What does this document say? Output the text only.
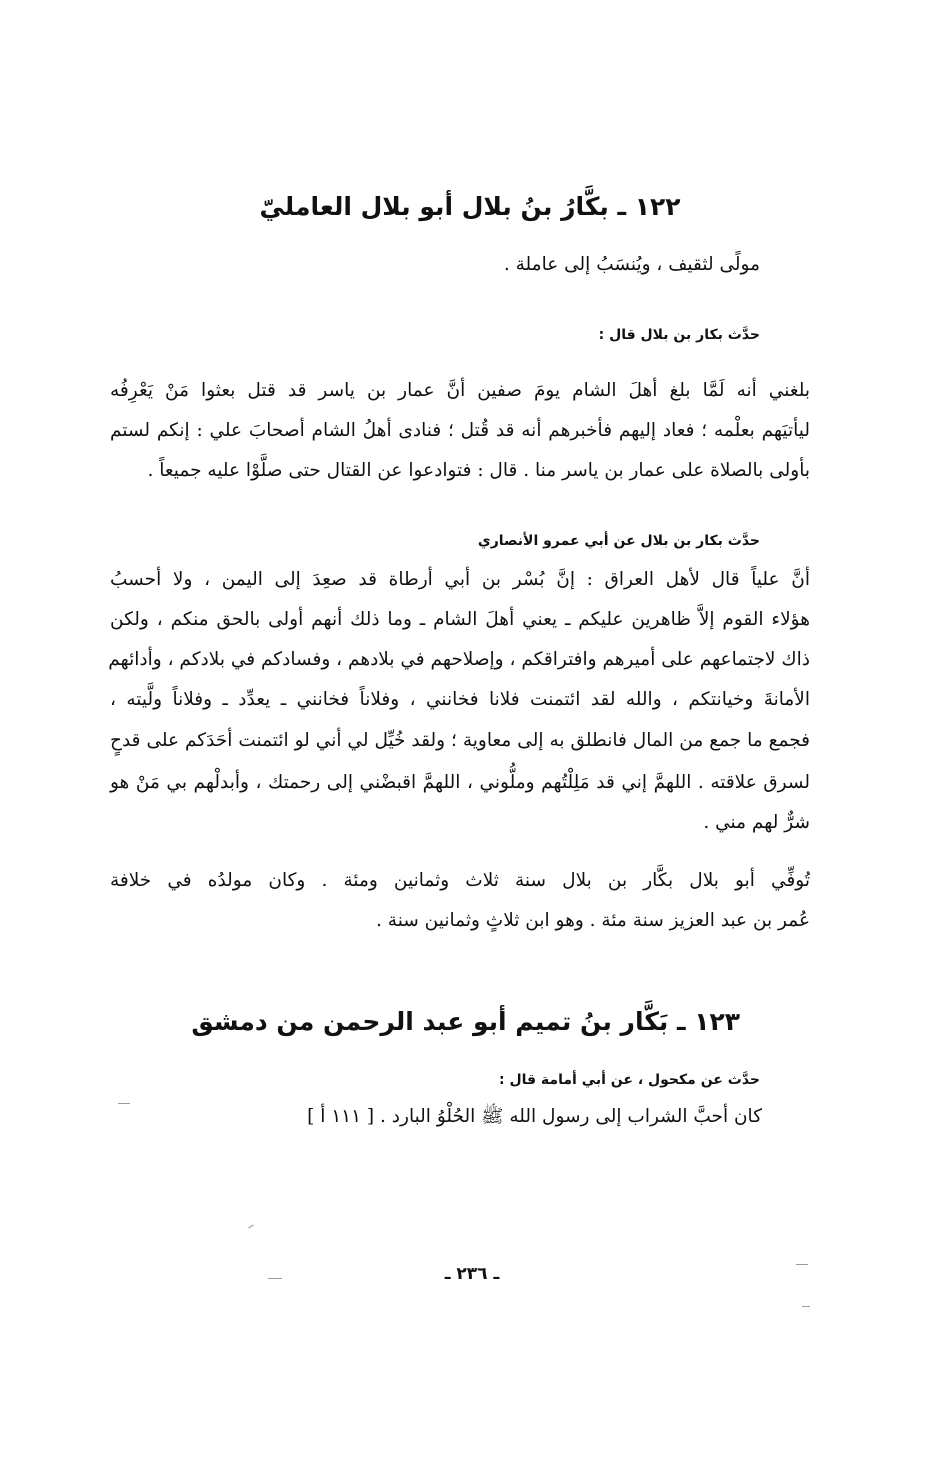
١٢٢ ـ بكَّارُ بنُ بلال أبو بلال العامليّ
مولًى لثقيف ، ويُنسَبُ إلى عاملة .
حدَّث بكار بن بلال قال :
بلغني أنه لَمَّا بلغ أهلَ الشام يومَ صفين أنَّ عمار بن ياسر قد قتل بعثوا مَنْ يَعْرِفُه
ليأتيَهم بعلْمه ؛ فعاد إليهم فأخبرهم أنه قد قُتل ؛ فنادى أهلُ الشام أصحابَ علي : إنكم لستم
بأولى بالصلاة على عمار بن ياسر منا . قال : فتوادعوا عن القتال حتى صلَّوْا عليه جميعاً .
حدَّث بكار بن بلال عن أبي عمرو الأنصاري
أنَّ علياً قال لأهل العراق : إنَّ بُسْر بن أبي أرطاة قد صعِدَ إلى اليمن ، ولا أحسبُ
هؤلاء القوم إلاَّ ظاهرين عليكم ـ يعني أهلَ الشام ـ وما ذلك أنهم أولى بالحق منكم ، ولكن
ذاك لاجتماعهم على أميرهم وافتراقكم ، وإصلاحهم في بلادهم ، وفسادكم في بلادكم ، وأدائهم
الأمانةَ وخيانتكم ، والله لقد ائتمنت فلانا فخانني ، وفلاناً فخانني ـ يعدِّد ـ وفلاناً ولَّيته ،
فجمع ما جمع من المال فانطلق به إلى معاوية ؛ ولقد خُيِّل لي أني لو ائتمنت أحَدَكم على قدحٍ
لسرق علاقته . اللهمَّ إني قد مَلِلْتُهم وملُّوني ، اللهمَّ اقبضْني إلى رحمتك ، وأبدلْهم بي مَنْ هو
شرٌّ لهم مني .
تُوفِّي أبو بلال بكَّار بن بلال سنة ثلاث وثمانين ومئة . وكان مولدُه في خلافة
عُمر بن عبد العزيز سنة مئة . وهو ابن ثلاثٍ وثمانين سنة .
١٢٣ ـ بَكَّار بنُ تميم أبو عبد الرحمن من دمشق
حدَّث عن مكحول ، عن أبي أمامة قال :
كان أحبَّ الشراب إلى رسول الله ﷺ الحُلْوُ البارد . [ ١١١ أ ]
ـ ٢٣٦ ـ
